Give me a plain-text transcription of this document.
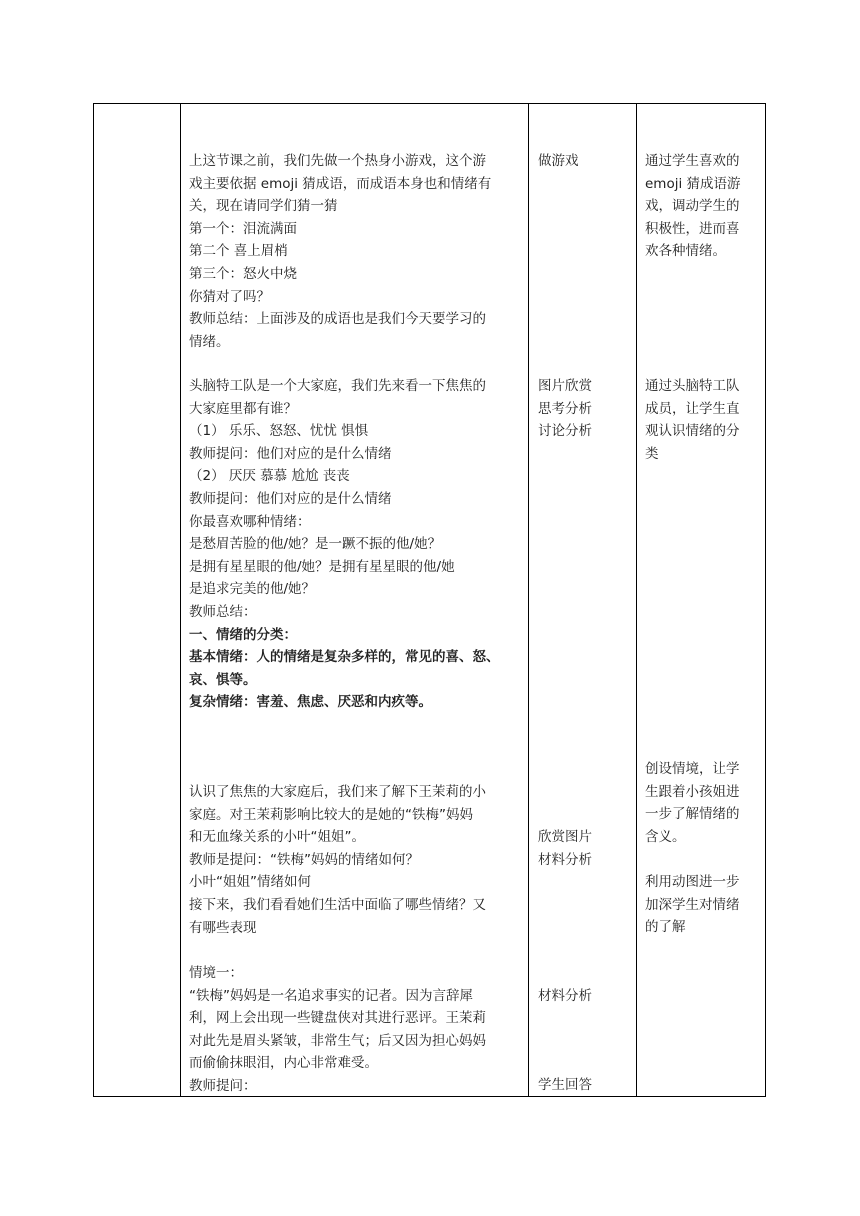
上这节课之前，我们先做一个热身小游戏，这个游

戏主要依据 emoji 猜成语，而成语本身也和情绪有

关，现在请同学们猜一猜

第一个：泪流满面

第二个 喜上眉梢

第三个：怒火中烧

你猜对了吗？

教师总结：上面涉及的成语也是我们今天要学习的

情绪。

头脑特工队是一个大家庭，我们先来看一下焦焦的

大家庭里都有谁？

（1） 乐乐、怒怒、忧忧 惧惧

教师提问：他们对应的是什么情绪

（2） 厌厌 慕慕 尬尬 丧丧

教师提问：他们对应的是什么情绪

你最喜欢哪种情绪：

是愁眉苦脸的他/她？是一蹶不振的他/她？

是拥有星星眼的他/她？是拥有星星眼的他/她

是追求完美的他/她？

教师总结：

一、情绪的分类：

基本情绪：人的情绪是复杂多样的，常见的喜、怒、

哀、惧等。

复杂情绪：害羞、焦虑、厌恶和内疚等。

认识了焦焦的大家庭后，我们来了解下王茉莉的小

家庭。对王茉莉影响比较大的是她的“铁梅”妈妈

和无血缘关系的小叶“姐姐”。

教师是提问：“铁梅”妈妈的情绪如何？

小叶“姐姐”情绪如何

接下来，我们看看她们生活中面临了哪些情绪？又

有哪些表现

情境一：

“铁梅”妈妈是一名追求事实的记者。因为言辞犀

利，网上会出现一些键盘侠对其进行恶评。王茉莉

对此先是眉头紧皱，非常生气；后又因为担心妈妈

而偷偷抹眼泪，内心非常难受。

教师提问：

做游戏

图片欣赏

思考分析

讨论分析

欣赏图片

材料分析

材料分析

学生回答

通过学生喜欢的

emoji 猜成语游

戏，调动学生的

积极性，进而喜

欢各种情绪。

通过头脑特工队

成员，让学生直

观认识情绪的分

类

创设情境，让学

生跟着小孩姐进

一步了解情绪的

含义。

利用动图进一步

加深学生对情绪

的了解
